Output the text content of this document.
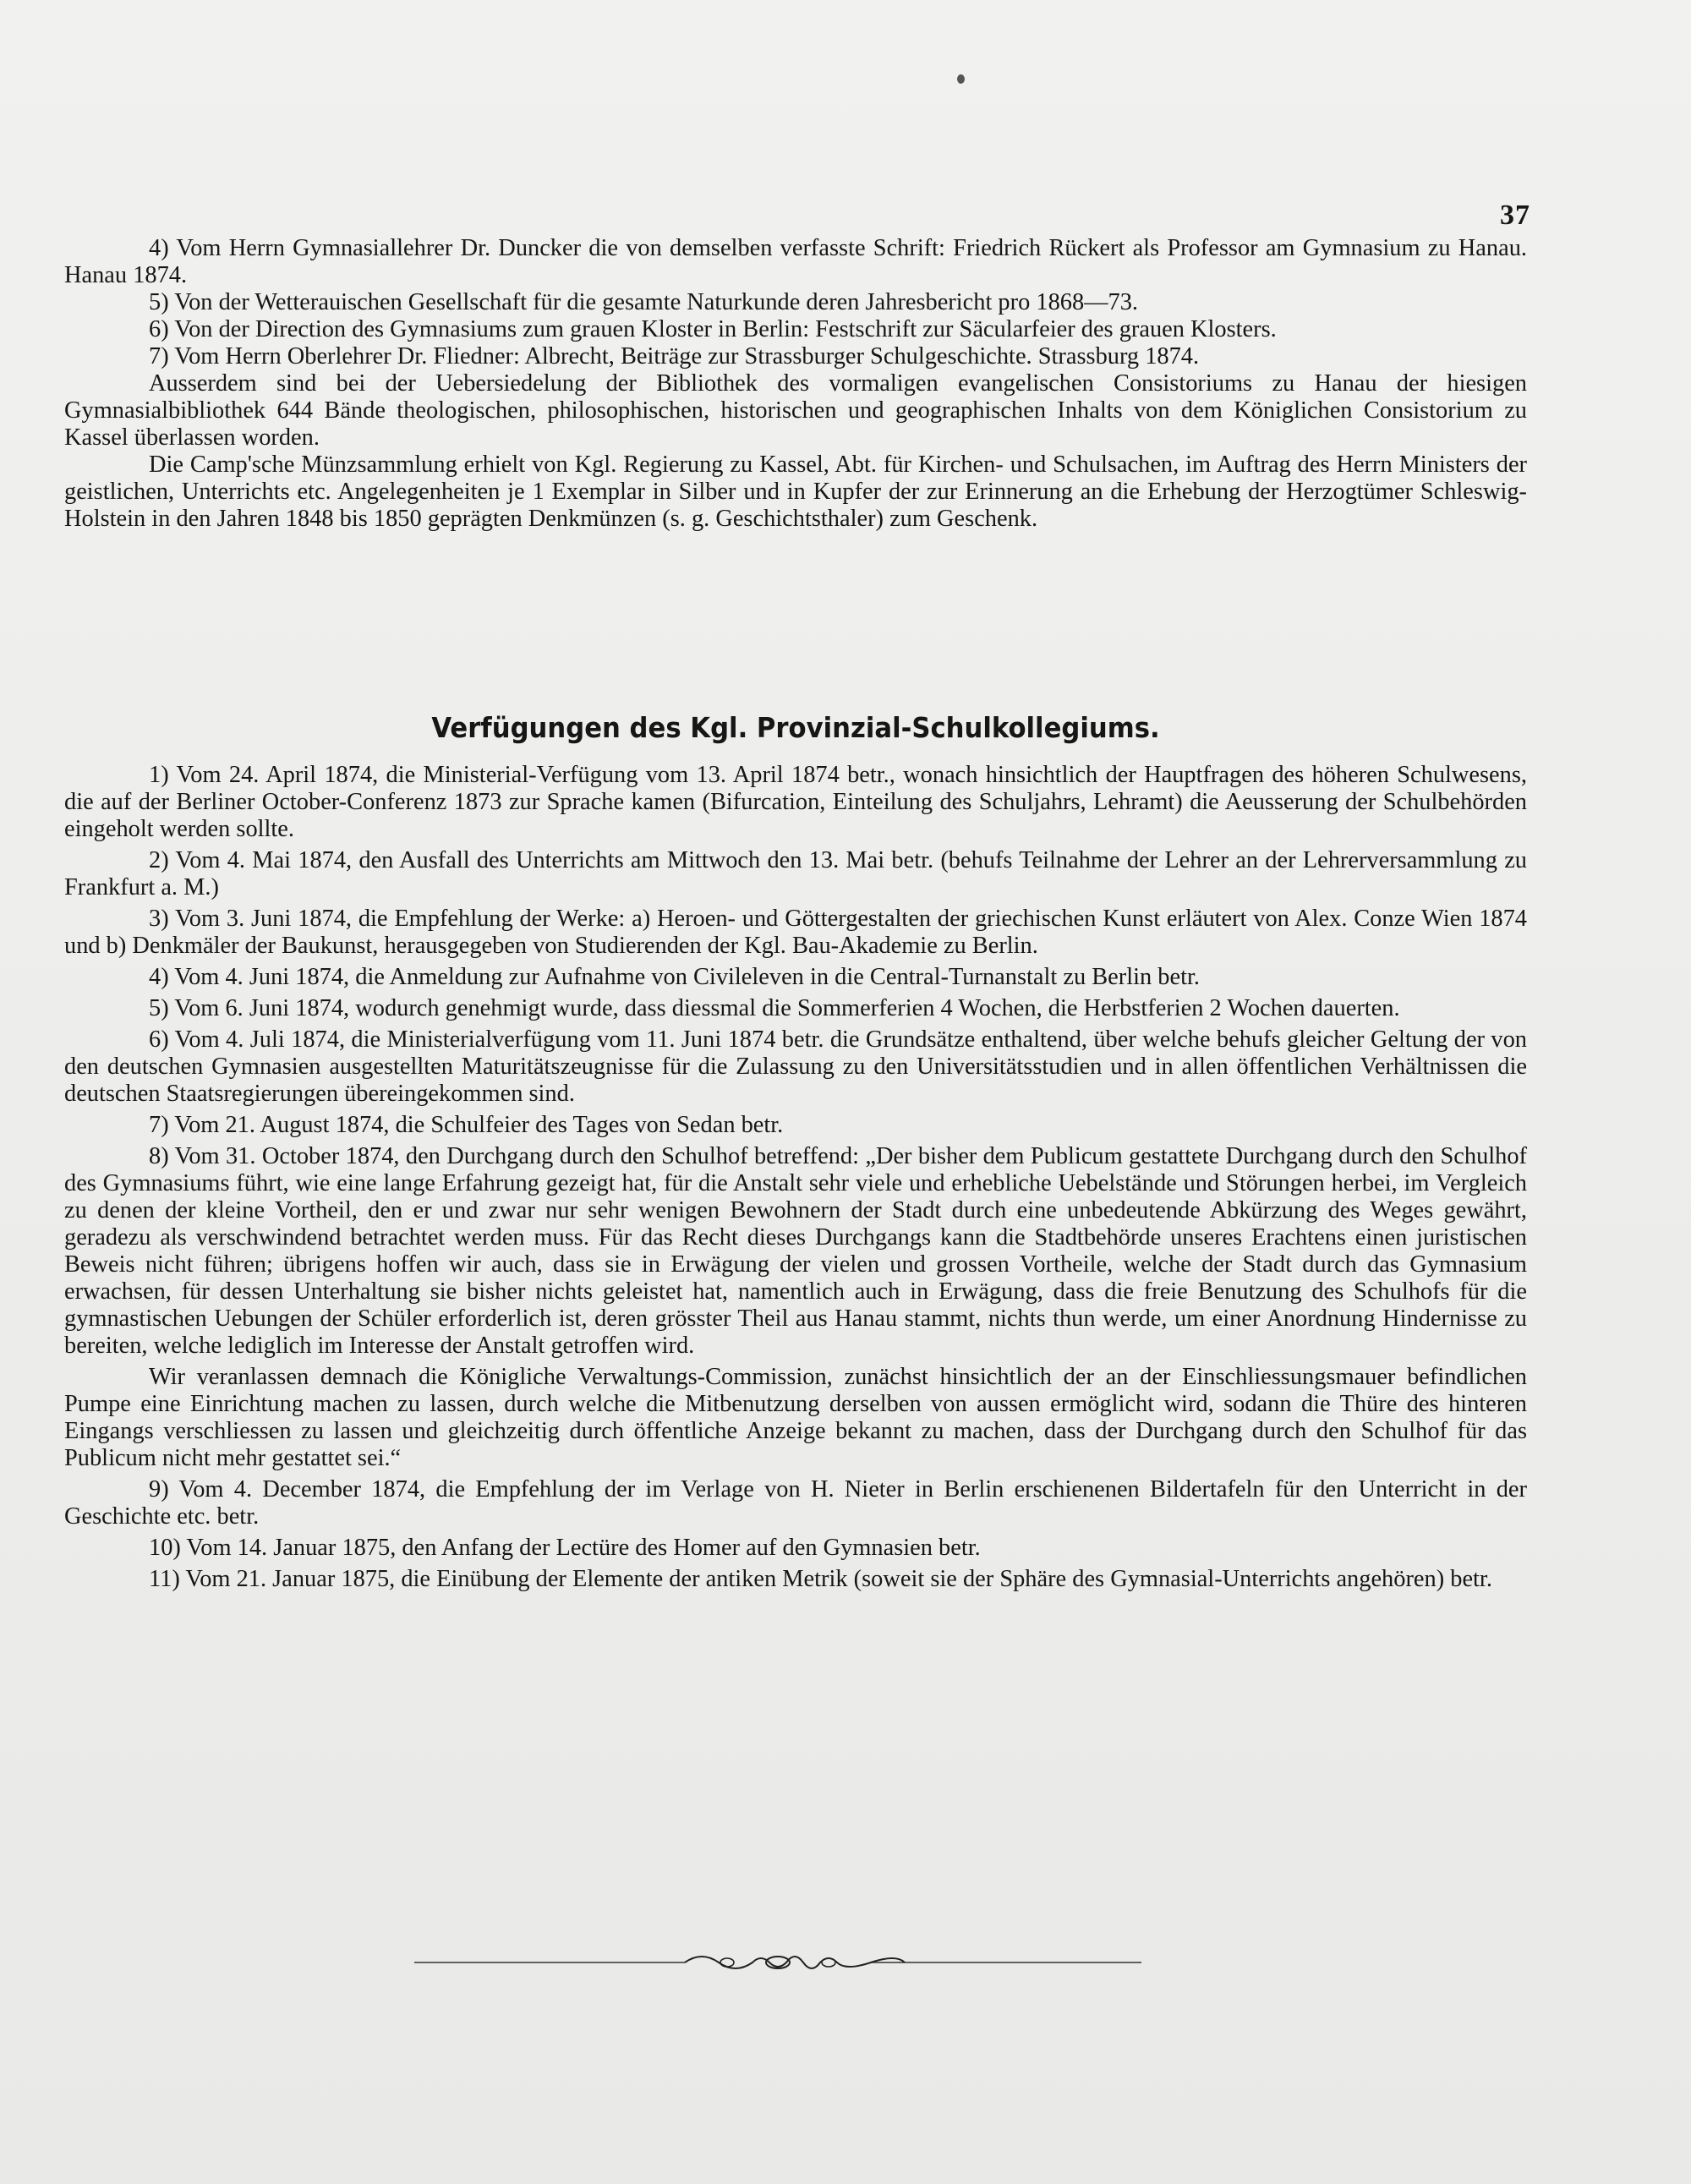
37

4) Vom Herrn Gymnasiallehrer Dr. Duncker die von demselben verfasste Schrift: Friedrich Rückert als Professor am Gymnasium zu Hanau. Hanau 1874.

5) Von der Wetterauischen Gesellschaft für die gesamte Naturkunde deren Jahresbericht pro 1868—73.

6) Von der Direction des Gymnasiums zum grauen Kloster in Berlin: Festschrift zur Säcularfeier des grauen Klosters.

7) Vom Herrn Oberlehrer Dr. Fliedner: Albrecht, Beiträge zur Strassburger Schulgeschichte. Strassburg 1874.

Ausserdem sind bei der Uebersiedelung der Bibliothek des vormaligen evangelischen Consistoriums zu Hanau der hiesigen Gymnasialbibliothek 644 Bände theologischen, philosophischen, historischen und geographischen Inhalts von dem Königlichen Consistorium zu Kassel überlassen worden.

Die Camp'sche Münzsammlung erhielt von Kgl. Regierung zu Kassel, Abt. für Kirchen- und Schulsachen, im Auftrag des Herrn Ministers der geistlichen, Unterrichts etc. Angelegenheiten je 1 Exemplar in Silber und in Kupfer der zur Erinnerung an die Erhebung der Herzogtümer Schleswig-Holstein in den Jahren 1848 bis 1850 geprägten Denkmünzen (s. g. Geschichtsthaler) zum Geschenk.

Verfügungen des Kgl. Provinzial-Schulkollegiums.

1) Vom 24. April 1874, die Ministerial-Verfügung vom 13. April 1874 betr., wonach hinsichtlich der Hauptfragen des höheren Schulwesens, die auf der Berliner October-Conferenz 1873 zur Sprache kamen (Bifurcation, Einteilung des Schuljahrs, Lehramt) die Aeusserung der Schulbehörden eingeholt werden sollte.

2) Vom 4. Mai 1874, den Ausfall des Unterrichts am Mittwoch den 13. Mai betr. (behufs Teilnahme der Lehrer an der Lehrerversammlung zu Frankfurt a. M.)

3) Vom 3. Juni 1874, die Empfehlung der Werke: a) Heroen- und Göttergestalten der griechischen Kunst erläutert von Alex. Conze Wien 1874 und b) Denkmäler der Baukunst, herausgegeben von Studierenden der Kgl. Bau-Akademie zu Berlin.

4) Vom 4. Juni 1874, die Anmeldung zur Aufnahme von Civileleven in die Central-Turnanstalt zu Berlin betr.

5) Vom 6. Juni 1874, wodurch genehmigt wurde, dass diessmal die Sommerferien 4 Wochen, die Herbstferien 2 Wochen dauerten.

6) Vom 4. Juli 1874, die Ministerialverfügung vom 11. Juni 1874 betr. die Grundsätze enthaltend, über welche behufs gleicher Geltung der von den deutschen Gymnasien ausgestellten Maturitätszeugnisse für die Zulassung zu den Universitätsstudien und in allen öffentlichen Verhältnissen die deutschen Staatsregierungen übereingekommen sind.

7) Vom 21. August 1874, die Schulfeier des Tages von Sedan betr.

8) Vom 31. October 1874, den Durchgang durch den Schulhof betreffend: „Der bisher dem Publicum gestattete Durchgang durch den Schulhof des Gymnasiums führt, wie eine lange Erfahrung gezeigt hat, für die Anstalt sehr viele und erhebliche Uebelstände und Störungen herbei, im Vergleich zu denen der kleine Vortheil, den er und zwar nur sehr wenigen Bewohnern der Stadt durch eine unbedeutende Abkürzung des Weges gewährt, geradezu als verschwindend betrachtet werden muss. Für das Recht dieses Durchgangs kann die Stadtbehörde unseres Erachtens einen juristischen Beweis nicht führen; übrigens hoffen wir auch, dass sie in Erwägung der vielen und grossen Vortheile, welche der Stadt durch das Gymnasium erwachsen, für dessen Unterhaltung sie bisher nichts geleistet hat, namentlich auch in Erwägung, dass die freie Benutzung des Schulhofs für die gymnastischen Uebungen der Schüler erforderlich ist, deren grösster Theil aus Hanau stammt, nichts thun werde, um einer Anordnung Hindernisse zu bereiten, welche lediglich im Interesse der Anstalt getroffen wird.

Wir veranlassen demnach die Königliche Verwaltungs-Commission, zunächst hinsichtlich der an der Einschliessungsmauer befindlichen Pumpe eine Einrichtung machen zu lassen, durch welche die Mitbenutzung derselben von aussen ermöglicht wird, sodann die Thüre des hinteren Eingangs verschliessen zu lassen und gleichzeitig durch öffentliche Anzeige bekannt zu machen, dass der Durchgang durch den Schulhof für das Publicum nicht mehr gestattet sei.“

9) Vom 4. December 1874, die Empfehlung der im Verlage von H. Nieter in Berlin erschienenen Bildertafeln für den Unterricht in der Geschichte etc. betr.

10) Vom 14. Januar 1875, den Anfang der Lectüre des Homer auf den Gymnasien betr.

11) Vom 21. Januar 1875, die Einübung der Elemente der antiken Metrik (soweit sie der Sphäre des Gymnasial-Unterrichts angehören) betr.
